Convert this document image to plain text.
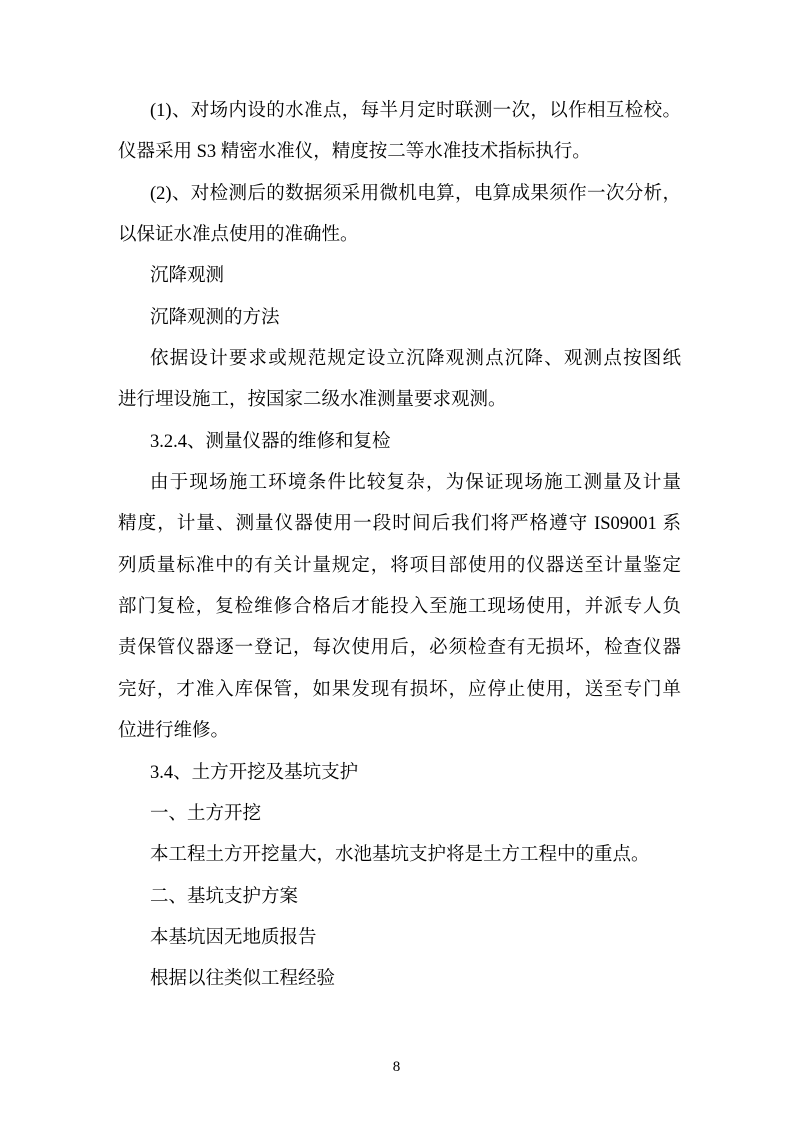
(1)、对场内设的水准点，每半月定时联测一次，以作相互检校。
仪器采用 S3 精密水准仪，精度按二等水准技术指标执行。
(2)、对检测后的数据须采用微机电算，电算成果须作一次分析，
以保证水准点使用的准确性。
沉降观测
沉降观测的方法
依据设计要求或规范规定设立沉降观测点沉降、观测点按图纸
进行埋设施工，按国家二级水准测量要求观测。
3.2.4、测量仪器的维修和复检
由于现场施工环境条件比较复杂，为保证现场施工测量及计量
精度，计量、测量仪器使用一段时间后我们将严格遵守 IS09001 系
列质量标准中的有关计量规定，将项目部使用的仪器送至计量鉴定
部门复检，复检维修合格后才能投入至施工现场使用，并派专人负
责保管仪器逐一登记，每次使用后，必须检查有无损坏，检查仪器
完好，才准入库保管，如果发现有损坏，应停止使用，送至专门单
位进行维修。
3.4、土方开挖及基坑支护
一、土方开挖
本工程土方开挖量大，水池基坑支护将是土方工程中的重点。
二、基坑支护方案
本基坑因无地质报告
根据以往类似工程经验
8
